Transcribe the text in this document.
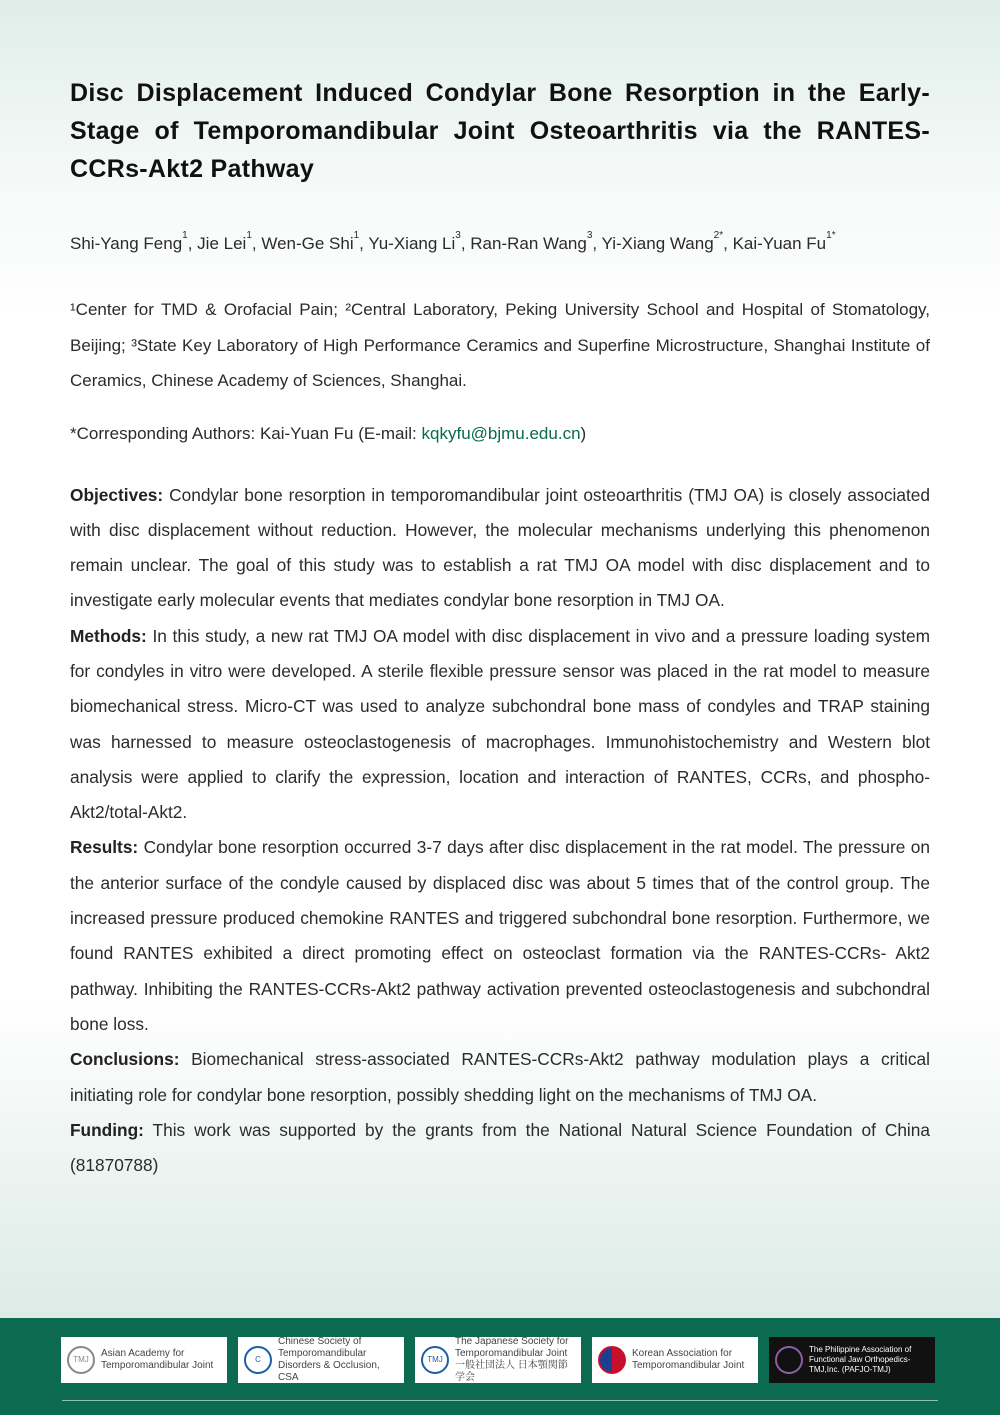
Disc Displacement Induced Condylar Bone Resorption in the Early-Stage of Temporomandibular Joint Osteoarthritis via the RANTES-CCRs-Akt2 Pathway
Shi-Yang Feng$^1$, Jie Lei$^1$, Wen-Ge Shi$^1$, Yu-Xiang Li$^3$, Ran-Ran Wang$^3$, Yi-Xiang Wang$^{2*}$, Kai-Yuan $Fu^{1*}$
¹Center for TMD & Orofacial Pain; ²Central Laboratory, Peking University School and Hospital of Stomatology, Beijing; ³State Key Laboratory of High Performance Ceramics and Superfine Microstructure, Shanghai Institute of Ceramics, Chinese Academy of Sciences, Shanghai.
*Corresponding Authors: Kai-Yuan Fu (E-mail: kqkyfu@bjmu.edu.cn)

Objectives: Condylar bone resorption in temporomandibular joint osteoarthritis (TMJ OA) is closely associated with disc displacement without reduction. However, the molecular mechanisms underlying this phenomenon remain unclear. The goal of this study was to establish a rat TMJ OA model with disc displacement and to investigate early molecular events that mediates condylar bone resorption in TMJ OA.

Methods: In this study, a new rat TMJ OA model with disc displacement in vivo and a pressure loading system for condyles in vitro were developed. A sterile flexible pressure sensor was placed in the rat model to measure biomechanical stress. Micro-CT was used to analyze subchondral bone mass of condyles and TRAP staining was harnessed to measure osteoclastogenesis of macrophages. Immunohistochemistry and Western blot analysis were applied to clarify the expression, location and interaction of RANTES, CCRs, and phospho-Akt2/total-Akt2.

Results: Condylar bone resorption occurred 3-7 days after disc displacement in the rat model. The pressure on the anterior surface of the condyle caused by displaced disc was about 5 times that of the control group. The increased pressure produced chemokine RANTES and triggered subchondral bone resorption. Furthermore, we found RANTES exhibited a direct promoting effect on osteoclast formation via the RANTES-CCRs- Akt2 pathway. Inhibiting the RANTES-CCRs-Akt2 pathway activation prevented osteoclastogenesis and subchondral bone loss.

Conclusions: Biomechanical stress-associated RANTES-CCRs-Akt2 pathway modulation plays a critical initiating role for condylar bone resorption, possibly shedding light on the mechanisms of TMJ OA.

Funding: This work was supported by the grants from the National Natural Science Foundation of China (81870788)

TMJ
Asian Academy for Temporomandibular Joint
C
Chinese Society of Temporomandibular Disorders & Occlusion, CSA
TMJ
The Japanese Society for Temporomandibular Joint 一般社団法人 日本顎関節学会
Korean Association for Temporomandibular Joint
The Philippine Association of Functional Jaw Orthopedics-TMJ,Inc. (PAFJO-TMJ)
